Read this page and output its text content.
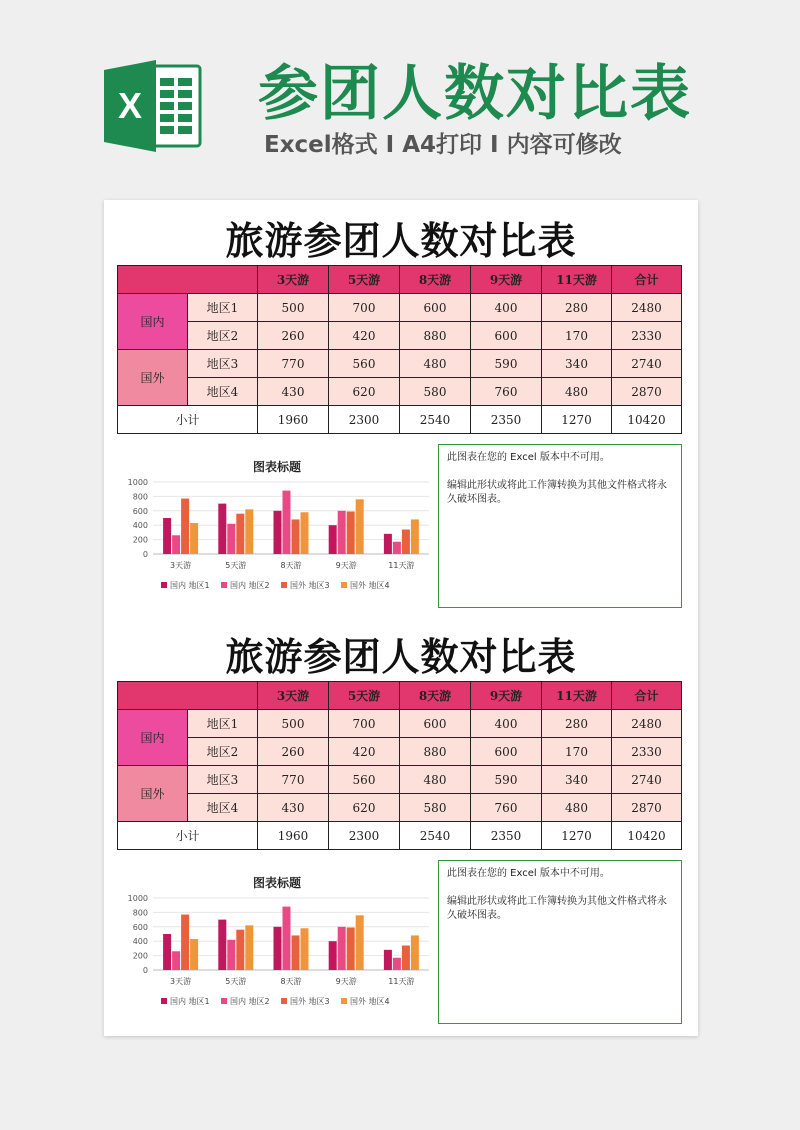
X 参团人数对比表
Excel格式 I A4打印 I 内容可修改
旅游参团人数对比表
		3天游	5天游	8天游	9天游	11天游	合计
国内	地区1	500	700	600	400	280	2480
	地区2	260	420	880	600	170	2330
国外	地区3	770	560	480	590	340	2740
	地区4	430	620	580	760	480	2870
小计		1960	2300	2540	2350	1270	10420
图表标题
0
200
400
600
800
1000
3天游	5天游	8天游	9天游	11天游
国内 地区1	国内 地区2	国外 地区3	国外 地区4

此图表在您的 Excel 版本中不可用。

编辑此形状或将此工作簿转换为其他文件格式将永久破坏图表。

旅游参团人数对比表
		3天游	5天游	8天游	9天游	11天游	合计
国内	地区1	500	700	600	400	280	2480
	地区2	260	420	880	600	170	2330
国外	地区3	770	560	480	590	340	2740
	地区4	430	620	580	760	480	2870
小计		1960	2300	2540	2350	1270	10420
图表标题
0
200
400
600
800
1000
3天游	5天游	8天游	9天游	11天游
国内 地区1	国内 地区2	国外 地区3	国外 地区4

此图表在您的 Excel 版本中不可用。

编辑此形状或将此工作簿转换为其他文件格式将永久破坏图表。
